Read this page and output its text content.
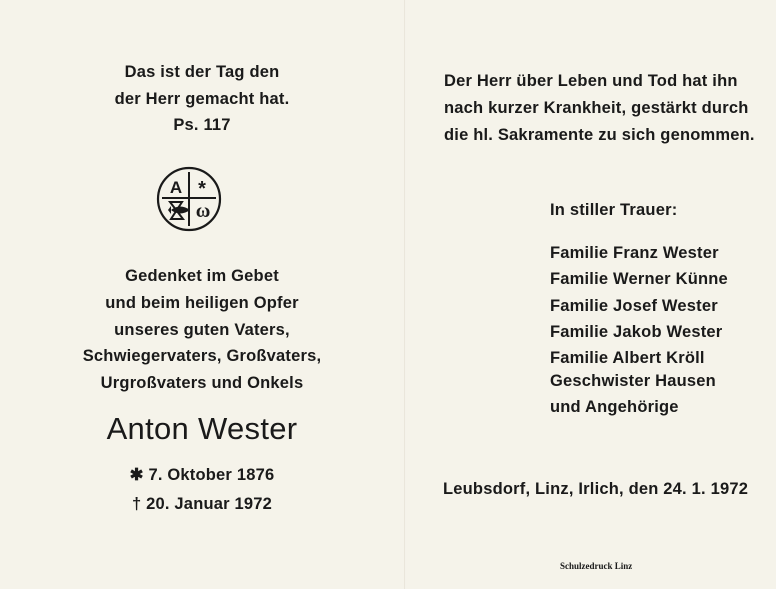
Das ist der Tag den
der Herr gemacht hat.
Ps. 117
A *
ω
Gedenket im Gebet
und beim heiligen Opfer
unseres guten Vaters,
Schwiegervaters, Großvaters,
Urgroßvaters und Onkels
Anton Wester
✱ 7. Oktober 1876
† 20. Januar 1972
Der Herr über Leben und Tod hat ihn
nach kurzer Krankheit, gestärkt durch
die hl. Sakramente zu sich genommen.
In stiller Trauer:
Familie Franz Wester
Familie Werner Künne
Familie Josef Wester
Familie Jakob Wester
Familie Albert Kröll
Geschwister Hausen
und Angehörige
Leubsdorf, Linz, Irlich, den 24. 1. 1972
Schulzedruck Linz
